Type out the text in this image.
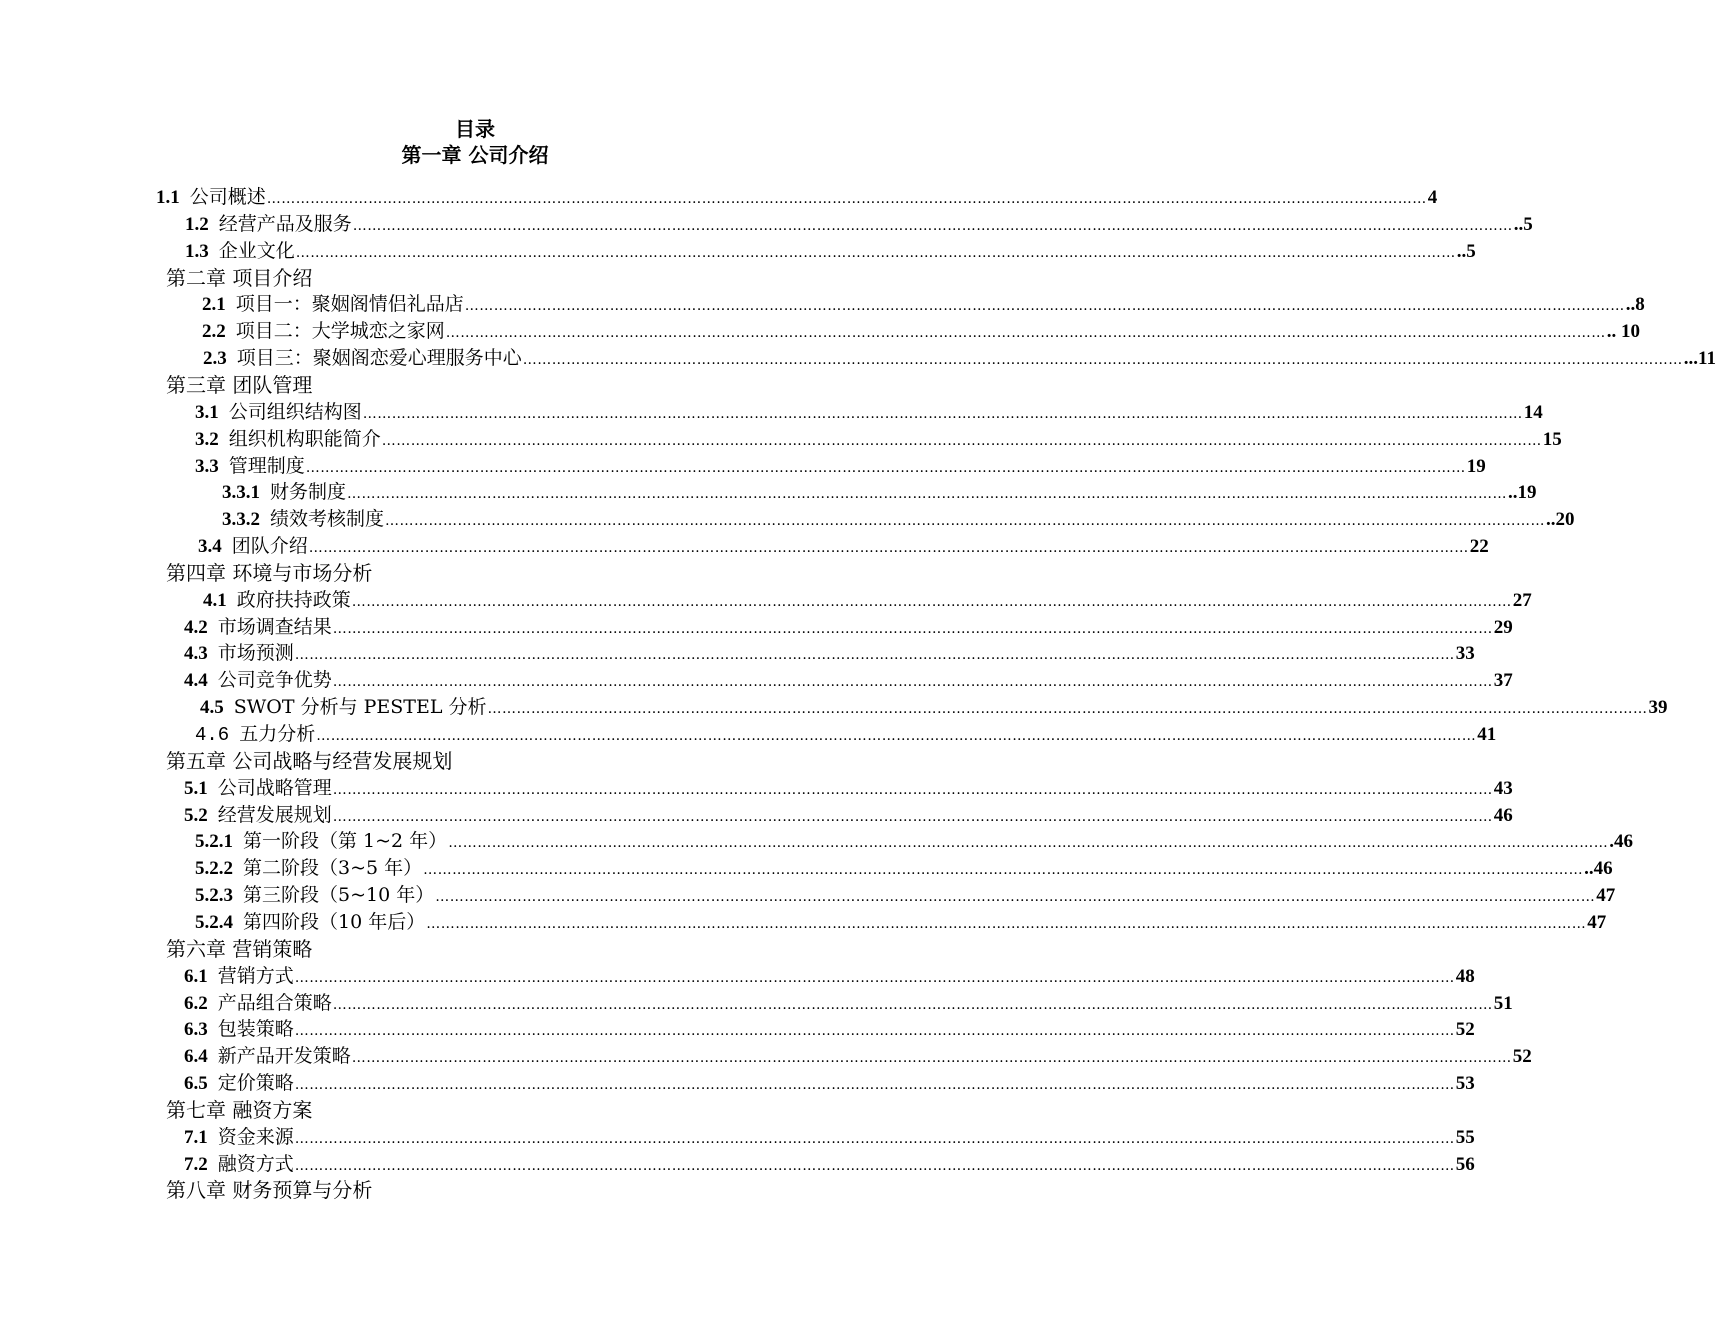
目录
第一章 公司介绍
1.1 公司概述 …………………………………………………………………………………………………………………………………………………………………………………………………………………… 4
1.2 经营产品及服务 …………………………………………………………………………………………………………………………………………………………………………………………………………………… ..5
1.3 企业文化 …………………………………………………………………………………………………………………………………………………………………………………………………………………… ..5
第二章 项目介绍
2.1 项目一：聚姻阁情侣礼品店 …………………………………………………………………………………………………………………………………………………………………………………………………………………… ..8
2.2 项目二：大学城恋之家网 …………………………………………………………………………………………………………………………………………………………………………………………………………………… .. 10
2.3 项目三：聚姻阁恋爱心理服务中心 …………………………………………………………………………………………………………………………………………………………………………………………………………………… ...11
第三章 团队管理
3.1 公司组织结构图 …………………………………………………………………………………………………………………………………………………………………………………………………………………… 14
3.2 组织机构职能简介 …………………………………………………………………………………………………………………………………………………………………………………………………………………… 15
3.3 管理制度 …………………………………………………………………………………………………………………………………………………………………………………………………………………… 19
3.3.1 财务制度 …………………………………………………………………………………………………………………………………………………………………………………………………………………… ..19
3.3.2 绩效考核制度 …………………………………………………………………………………………………………………………………………………………………………………………………………………… ..20
3.4 团队介绍 …………………………………………………………………………………………………………………………………………………………………………………………………………………… 22
第四章 环境与市场分析
4.1 政府扶持政策 …………………………………………………………………………………………………………………………………………………………………………………………………………………… 27
4.2 市场调查结果 …………………………………………………………………………………………………………………………………………………………………………………………………………………… 29
4.3 市场预测 …………………………………………………………………………………………………………………………………………………………………………………………………………………… 33
4.4 公司竞争优势 …………………………………………………………………………………………………………………………………………………………………………………………………………………… 37
4.5 SWOT 分析与 PESTEL 分析 …………………………………………………………………………………………………………………………………………………………………………………………………………………… 39
4.6 五力分析 …………………………………………………………………………………………………………………………………………………………………………………………………………………… 41
第五章 公司战略与经营发展规划
5.1 公司战略管理 …………………………………………………………………………………………………………………………………………………………………………………………………………………… 43
5.2 经营发展规划 …………………………………………………………………………………………………………………………………………………………………………………………………………………… 46
5.2.1 第一阶段（第 1~2 年） …………………………………………………………………………………………………………………………………………………………………………………………………………………… .46
5.2.2 第二阶段（3~5 年） …………………………………………………………………………………………………………………………………………………………………………………………………………………… ..46
5.2.3 第三阶段（5~10 年） …………………………………………………………………………………………………………………………………………………………………………………………………………………… 47
5.2.4 第四阶段（10 年后） …………………………………………………………………………………………………………………………………………………………………………………………………………………… 47
第六章 营销策略
6.1 营销方式 …………………………………………………………………………………………………………………………………………………………………………………………………………………… 48
6.2 产品组合策略 …………………………………………………………………………………………………………………………………………………………………………………………………………………… 51
6.3 包装策略 …………………………………………………………………………………………………………………………………………………………………………………………………………………… 52
6.4 新产品开发策略 …………………………………………………………………………………………………………………………………………………………………………………………………………………… 52
6.5 定价策略 …………………………………………………………………………………………………………………………………………………………………………………………………………………… 53
第七章 融资方案
7.1 资金来源 …………………………………………………………………………………………………………………………………………………………………………………………………………………… 55
7.2 融资方式 …………………………………………………………………………………………………………………………………………………………………………………………………………………… 56
第八章 财务预算与分析
